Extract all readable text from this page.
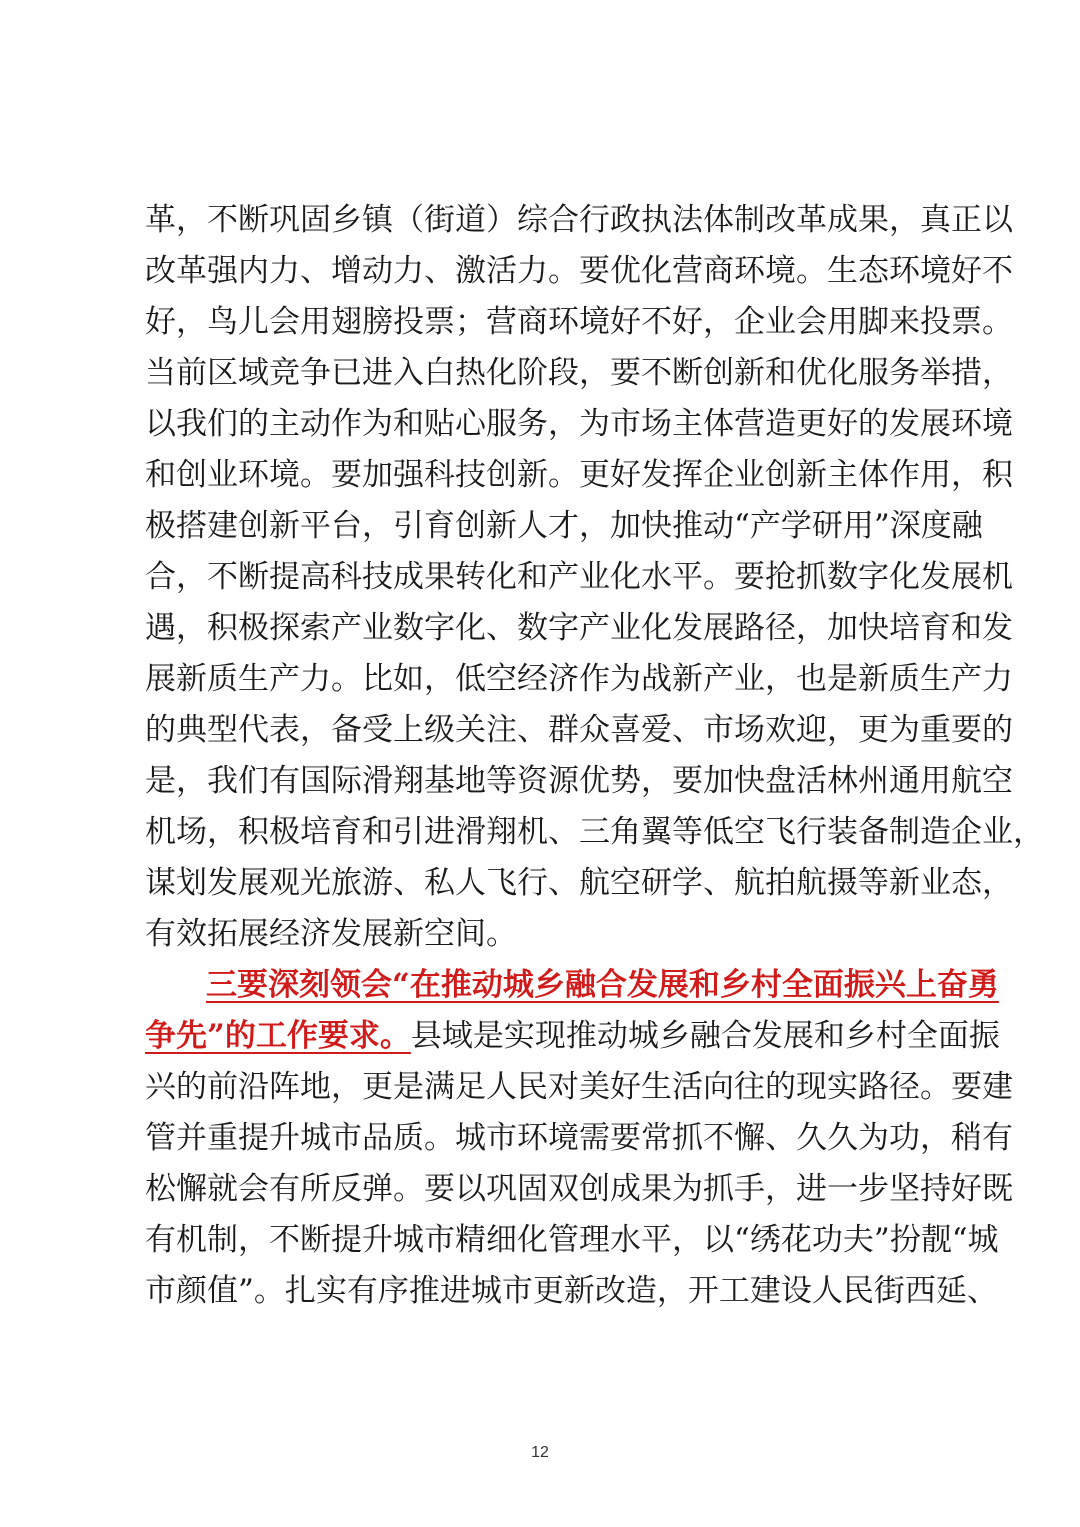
革，不断巩固乡镇（街道）综合行政执法体制改革成果，真正以
改革强内力、增动力、激活力。要优化营商环境。生态环境好不
好，鸟儿会用翅膀投票；营商环境好不好，企业会用脚来投票。
当前区域竞争已进入白热化阶段，要不断创新和优化服务举措，
以我们的主动作为和贴心服务，为市场主体营造更好的发展环境
和创业环境。要加强科技创新。更好发挥企业创新主体作用，积
极搭建创新平台，引育创新人才，加快推动“产学研用”深度融
合，不断提高科技成果转化和产业化水平。要抢抓数字化发展机
遇，积极探索产业数字化、数字产业化发展路径，加快培育和发
展新质生产力。比如，低空经济作为战新产业，也是新质生产力
的典型代表，备受上级关注、群众喜爱、市场欢迎，更为重要的
是，我们有国际滑翔基地等资源优势，要加快盘活林州通用航空
机场，积极培育和引进滑翔机、三角翼等低空飞行装备制造企业，
谋划发展观光旅游、私人飞行、航空研学、航拍航摄等新业态，
有效拓展经济发展新空间。
三要深刻领会“在推动城乡融合发展和乡村全面振兴上奋勇
争先”的工作要求。县域是实现推动城乡融合发展和乡村全面振
兴的前沿阵地，更是满足人民对美好生活向往的现实路径。要建
管并重提升城市品质。城市环境需要常抓不懈、久久为功，稍有
松懈就会有所反弹。要以巩固双创成果为抓手，进一步坚持好既
有机制，不断提升城市精细化管理水平，以“绣花功夫”扮靓“城
市颜值”。扎实有序推进城市更新改造，开工建设人民街西延、
12
